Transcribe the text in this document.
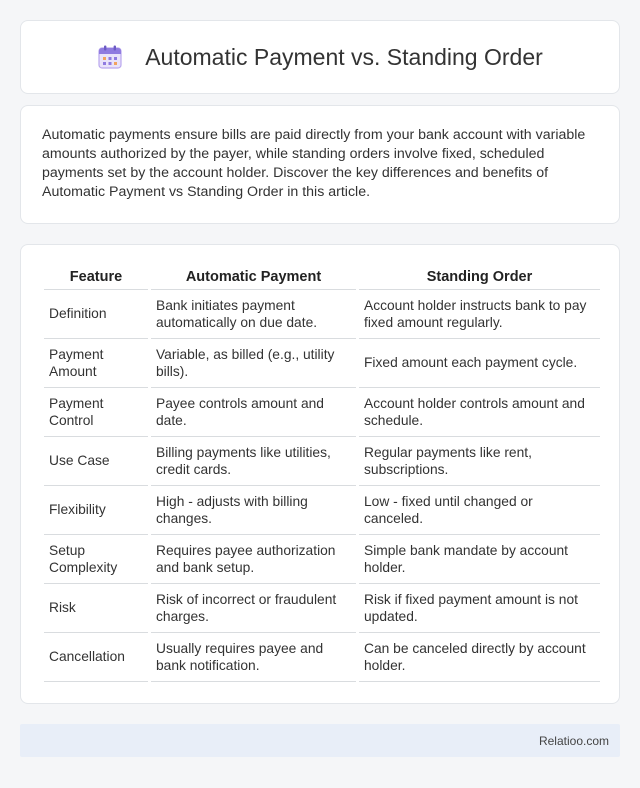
Automatic Payment vs. Standing Order

Automatic payments ensure bills are paid directly from your bank account with variable amounts authorized by the payer, while standing orders involve fixed, scheduled payments set by the account holder. Discover the key differences and benefits of Automatic Payment vs Standing Order in this article.

Feature	Automatic Payment	Standing Order
Definition	Bank initiates payment automatically on due date.	Account holder instructs bank to pay fixed amount regularly.
Payment Amount	Variable, as billed (e.g., utility bills).	Fixed amount each payment cycle.
Payment Control	Payee controls amount and date.	Account holder controls amount and schedule.
Use Case	Billing payments like utilities, credit cards.	Regular payments like rent, subscriptions.
Flexibility	High - adjusts with billing changes.	Low - fixed until changed or canceled.
Setup Complexity	Requires payee authorization and bank setup.	Simple bank mandate by account holder.
Risk	Risk of incorrect or fraudulent charges.	Risk if fixed payment amount is not updated.
Cancellation	Usually requires payee and bank notification.	Can be canceled directly by account holder.
Relatioo.com
